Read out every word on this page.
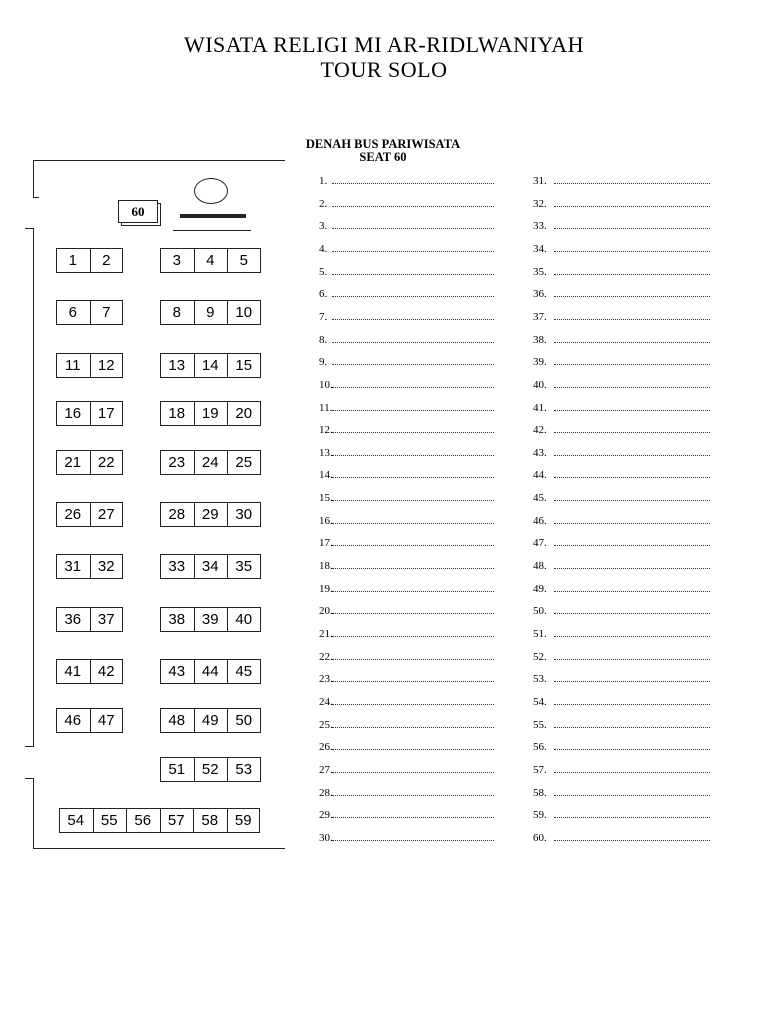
WISATA RELIGI MI AR-RIDLWANIYAH
TOUR SOLO
DENAH BUS PARIWISATA
SEAT 60
60
1	2	3	4	5
6	7	8	9	10
11	12	13	14	15
16	17	18	19	20
21	22	23	24	25
26	27	28	29	30
31	32	33	34	35
36	37	38	39	40
41	42	43	44	45
46	47	48	49	50
51	52	53
54	55	56	57	58	59
1.
2.
3.
4.
5.
6.
7.
8.
9.
10.
11.
12.
13.
14.
15.
16.
17.
18.
19.
20.
21.
22.
23.
24.
25.
26.
27.
28.
29.
30.
31.
32.
33.
34.
35.
36.
37.
38.
39.
40.
41.
42.
43.
44.
45.
46.
47.
48.
49.
50.
51.
52.
53.
54.
55.
56.
57.
58.
59.
60.
